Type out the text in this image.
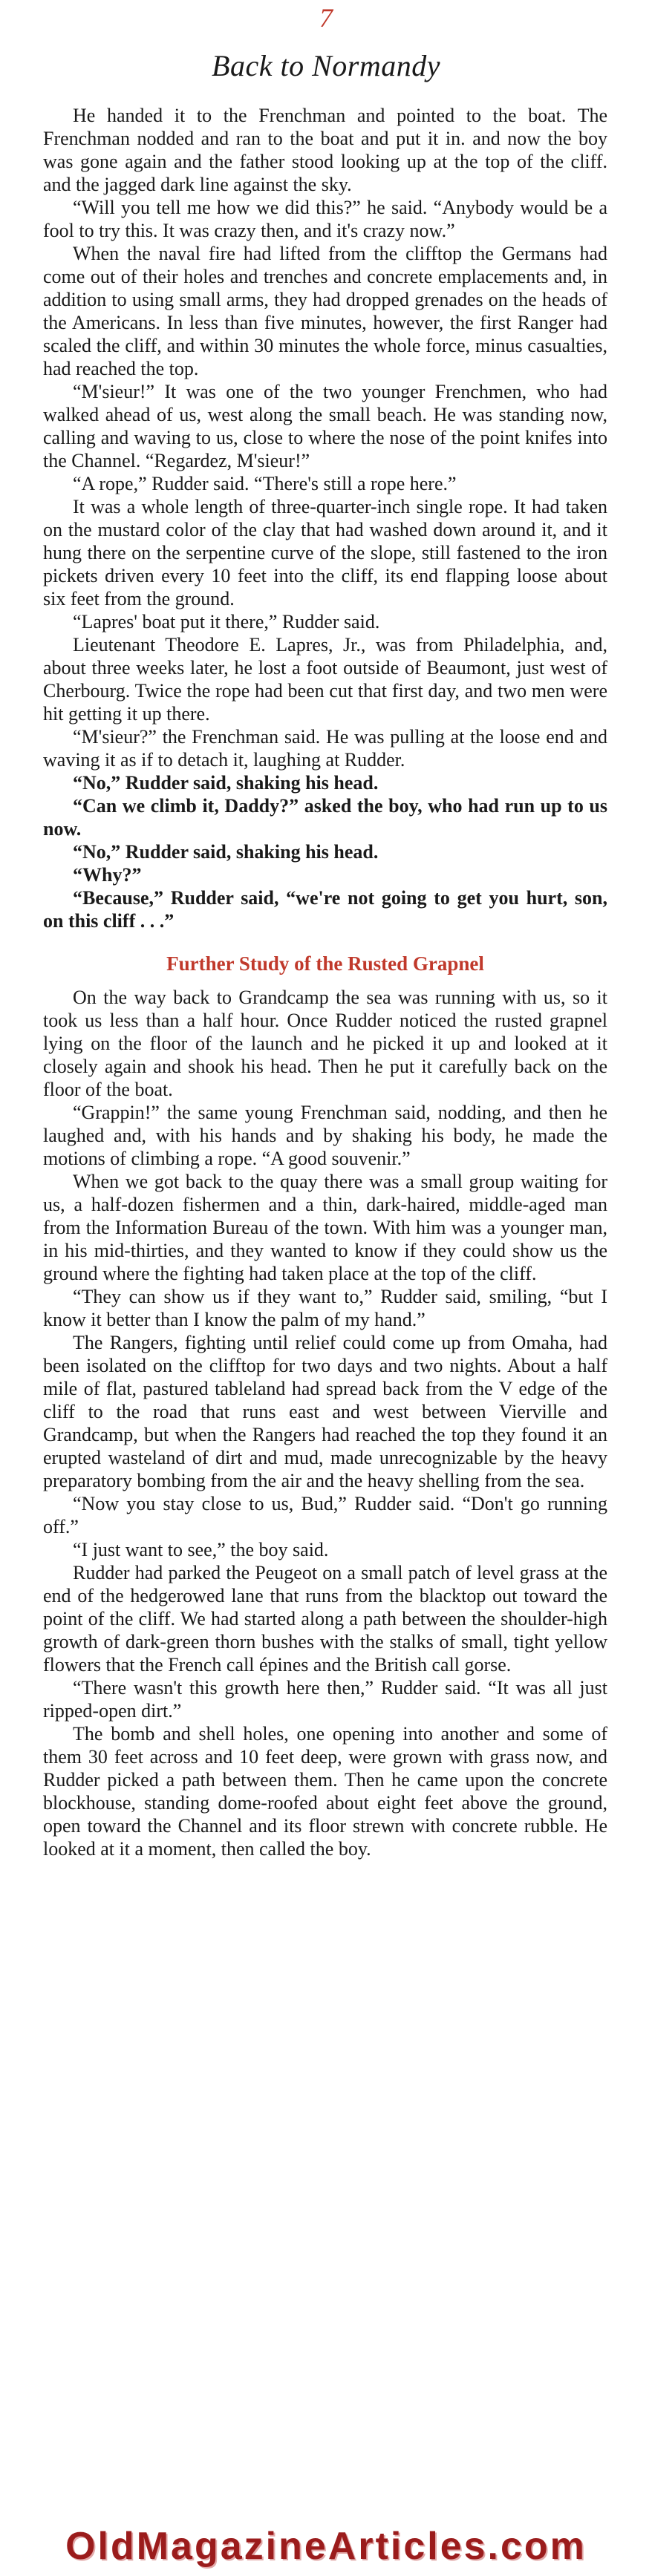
7
Back to Normandy

He handed it to the Frenchman and pointed to the boat. The Frenchman nodded and ran to the boat and put it in. and now the boy was gone again and the father stood looking up at the top of the cliff. and the jagged dark line against the sky.

“Will you tell me how we did this?” he said. “Anybody would be a fool to try this. It was crazy then, and it's crazy now.”

When the naval fire had lifted from the clifftop the Germans had come out of their holes and trenches and concrete emplacements and, in addition to using small arms, they had dropped grenades on the heads of the Americans. In less than five minutes, however, the first Ranger had scaled the cliff, and within 30 minutes the whole force, minus casualties, had reached the top.

“M'sieur!” It was one of the two younger Frenchmen, who had walked ahead of us, west along the small beach. He was standing now, calling and waving to us, close to where the nose of the point knifes into the Channel. “Regardez, M'sieur!”

“A rope,” Rudder said. “There's still a rope here.”

It was a whole length of three-quarter-inch single rope. It had taken on the mustard color of the clay that had washed down around it, and it hung there on the serpentine curve of the slope, still fastened to the iron pickets driven every 10 feet into the cliff, its end flapping loose about six feet from the ground.

“Lapres' boat put it there,” Rudder said.

Lieutenant Theodore E. Lapres, Jr., was from Philadelphia, and, about three weeks later, he lost a foot outside of Beaumont, just west of Cherbourg. Twice the rope had been cut that first day, and two men were hit getting it up there.

“M'sieur?” the Frenchman said. He was pulling at the loose end and waving it as if to detach it, laughing at Rudder.

“No,” Rudder said, shaking his head.

“Can we climb it, Daddy?” asked the boy, who had run up to us now.

“No,” Rudder said, shaking his head.

“Why?”

“Because,” Rudder said, “we're not going to get you hurt, son, on this cliff . . .”

Further Study of the Rusted Grapnel

On the way back to Grandcamp the sea was running with us, so it took us less than a half hour. Once Rudder noticed the rusted grapnel lying on the floor of the launch and he picked it up and looked at it closely again and shook his head. Then he put it carefully back on the floor of the boat.

“Grappin!” the same young Frenchman said, nodding, and then he laughed and, with his hands and by shaking his body, he made the motions of climbing a rope. “A good souvenir.”

When we got back to the quay there was a small group waiting for us, a half-dozen fishermen and a thin, dark-haired, middle-aged man from the Information Bureau of the town. With him was a younger man, in his mid-thirties, and they wanted to know if they could show us the ground where the fighting had taken place at the top of the cliff.

“They can show us if they want to,” Rudder said, smiling, “but I know it better than I know the palm of my hand.”

The Rangers, fighting until relief could come up from Omaha, had been isolated on the clifftop for two days and two nights. About a half mile of flat, pastured tableland had spread back from the V edge of the cliff to the road that runs east and west between Vierville and Grandcamp, but when the Rangers had reached the top they found it an erupted wasteland of dirt and mud, made unrecognizable by the heavy preparatory bombing from the air and the heavy shelling from the sea.

“Now you stay close to us, Bud,” Rudder said. “Don't go running off.”

“I just want to see,” the boy said.

Rudder had parked the Peugeot on a small patch of level grass at the end of the hedgerowed lane that runs from the blacktop out toward the point of the cliff. We had started along a path between the shoulder-high growth of dark-green thorn bushes with the stalks of small, tight yellow flowers that the French call épines and the British call gorse.

“There wasn't this growth here then,” Rudder said. “It was all just ripped-open dirt.”

The bomb and shell holes, one opening into another and some of them 30 feet across and 10 feet deep, were grown with grass now, and Rudder picked a path between them. Then he came upon the concrete blockhouse, standing dome-roofed about eight feet above the ground, open toward the Channel and its floor strewn with concrete rubble. He looked at it a moment, then called the boy.

OldMagazineArticles.com
